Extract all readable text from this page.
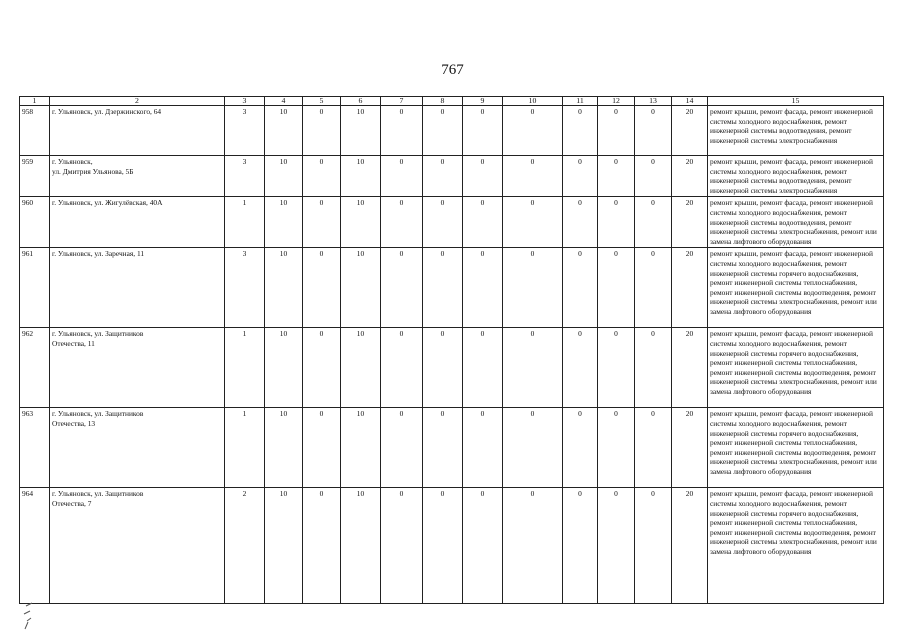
767
1	2	3	4	5	6	7	8	9	10	11	12	13	14	15
958	г. Ульяновск, ул. Дзержинского, 64	3	10	0	10	0	0	0	0	0	0	0	20	ремонт крыши, ремонт фасада, ремонт инженерной системы холодного водоснабжения, ремонт инженерной системы водоотведения, ремонт инженерной системы электроснабжения
959	г. Ульяновск,
ул. Дмитрия Ульянова, 5Б	3	10	0	10	0	0	0	0	0	0	0	20	ремонт крыши, ремонт фасада, ремонт инженерной системы холодного водоснабжения, ремонт инженерной системы водоотведения, ремонт инженерной системы электроснабжения
960	г. Ульяновск, ул. Жигулёвская, 40А	1	10	0	10	0	0	0	0	0	0	0	20	ремонт крыши, ремонт фасада, ремонт инженерной системы холодного водоснабжения, ремонт инженерной системы водоотведения, ремонт инженерной системы электроснабжения, ремонт или замена лифтового оборудования
961	г. Ульяновск, ул. Заречная, 11	3	10	0	10	0	0	0	0	0	0	0	20	ремонт крыши, ремонт фасада, ремонт инженерной системы холодного водоснабжения, ремонт инженерной системы горячего водоснабжения, ремонт инженерной системы теплоснабжения, ремонт инженерной системы водоотведения, ремонт инженерной системы электроснабжения, ремонт или замена лифтового оборудования
962	г. Ульяновск, ул. Защитников
Отечества, 11	1	10	0	10	0	0	0	0	0	0	0	20	ремонт крыши, ремонт фасада, ремонт инженерной системы холодного водоснабжения, ремонт инженерной системы горячего водоснабжения, ремонт инженерной системы теплоснабжения, ремонт инженерной системы водоотведения, ремонт инженерной системы электроснабжения, ремонт или замена лифтового оборудования
963	г. Ульяновск, ул. Защитников
Отечества, 13	1	10	0	10	0	0	0	0	0	0	0	20	ремонт крыши, ремонт фасада, ремонт инженерной системы холодного водоснабжения, ремонт инженерной системы горячего водоснабжения, ремонт инженерной системы теплоснабжения, ремонт инженерной системы водоотведения, ремонт инженерной системы электроснабжения, ремонт или замена лифтового оборудования
964	г. Ульяновск, ул. Защитников
Отечества, 7	2	10	0	10	0	0	0	0	0	0	0	20	ремонт крыши, ремонт фасада, ремонт инженерной системы холодного водоснабжения, ремонт инженерной системы горячего водоснабжения, ремонт инженерной системы теплоснабжения, ремонт инженерной системы водоотведения, ремонт инженерной системы электроснабжения, ремонт или замена лифтового оборудования
